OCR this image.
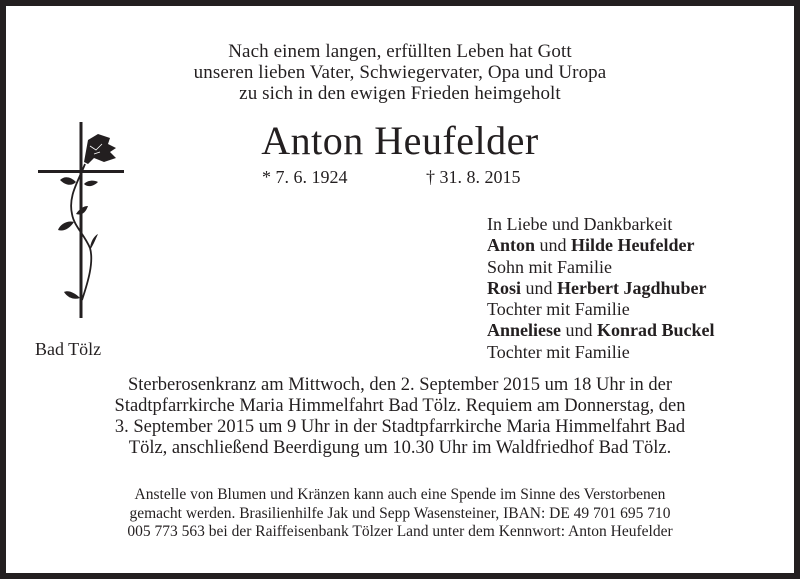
Nach einem langen, erfüllten Leben hat Gott
unseren lieben Vater, Schwiegervater, Opa und Uropa
zu sich in den ewigen Frieden heimgeholt
Anton Heufelder
* 7. 6. 1924	† 31. 8. 2015
Bad Tölz
In Liebe und Dankbarkeit
Anton und Hilde Heufelder
Sohn mit Familie
Rosi und Herbert Jagdhuber
Tochter mit Familie
Anneliese und Konrad Buckel
Tochter mit Familie
Sterberosenkranz am Mittwoch, den 2. September 2015 um 18 Uhr in der
Stadtpfarrkirche Maria Himmelfahrt Bad Tölz. Requiem am Donnerstag, den
3. September 2015 um 9 Uhr in der Stadtpfarrkirche Maria Himmelfahrt Bad
Tölz, anschließend Beerdigung um 10.30 Uhr im Waldfriedhof Bad Tölz.
Anstelle von Blumen und Kränzen kann auch eine Spende im Sinne des Verstorbenen
gemacht werden. Brasilienhilfe Jak und Sepp Wasensteiner, IBAN: DE 49 701 695 710
005 773 563 bei der Raiffeisenbank Tölzer Land unter dem Kennwort: Anton Heufelder
